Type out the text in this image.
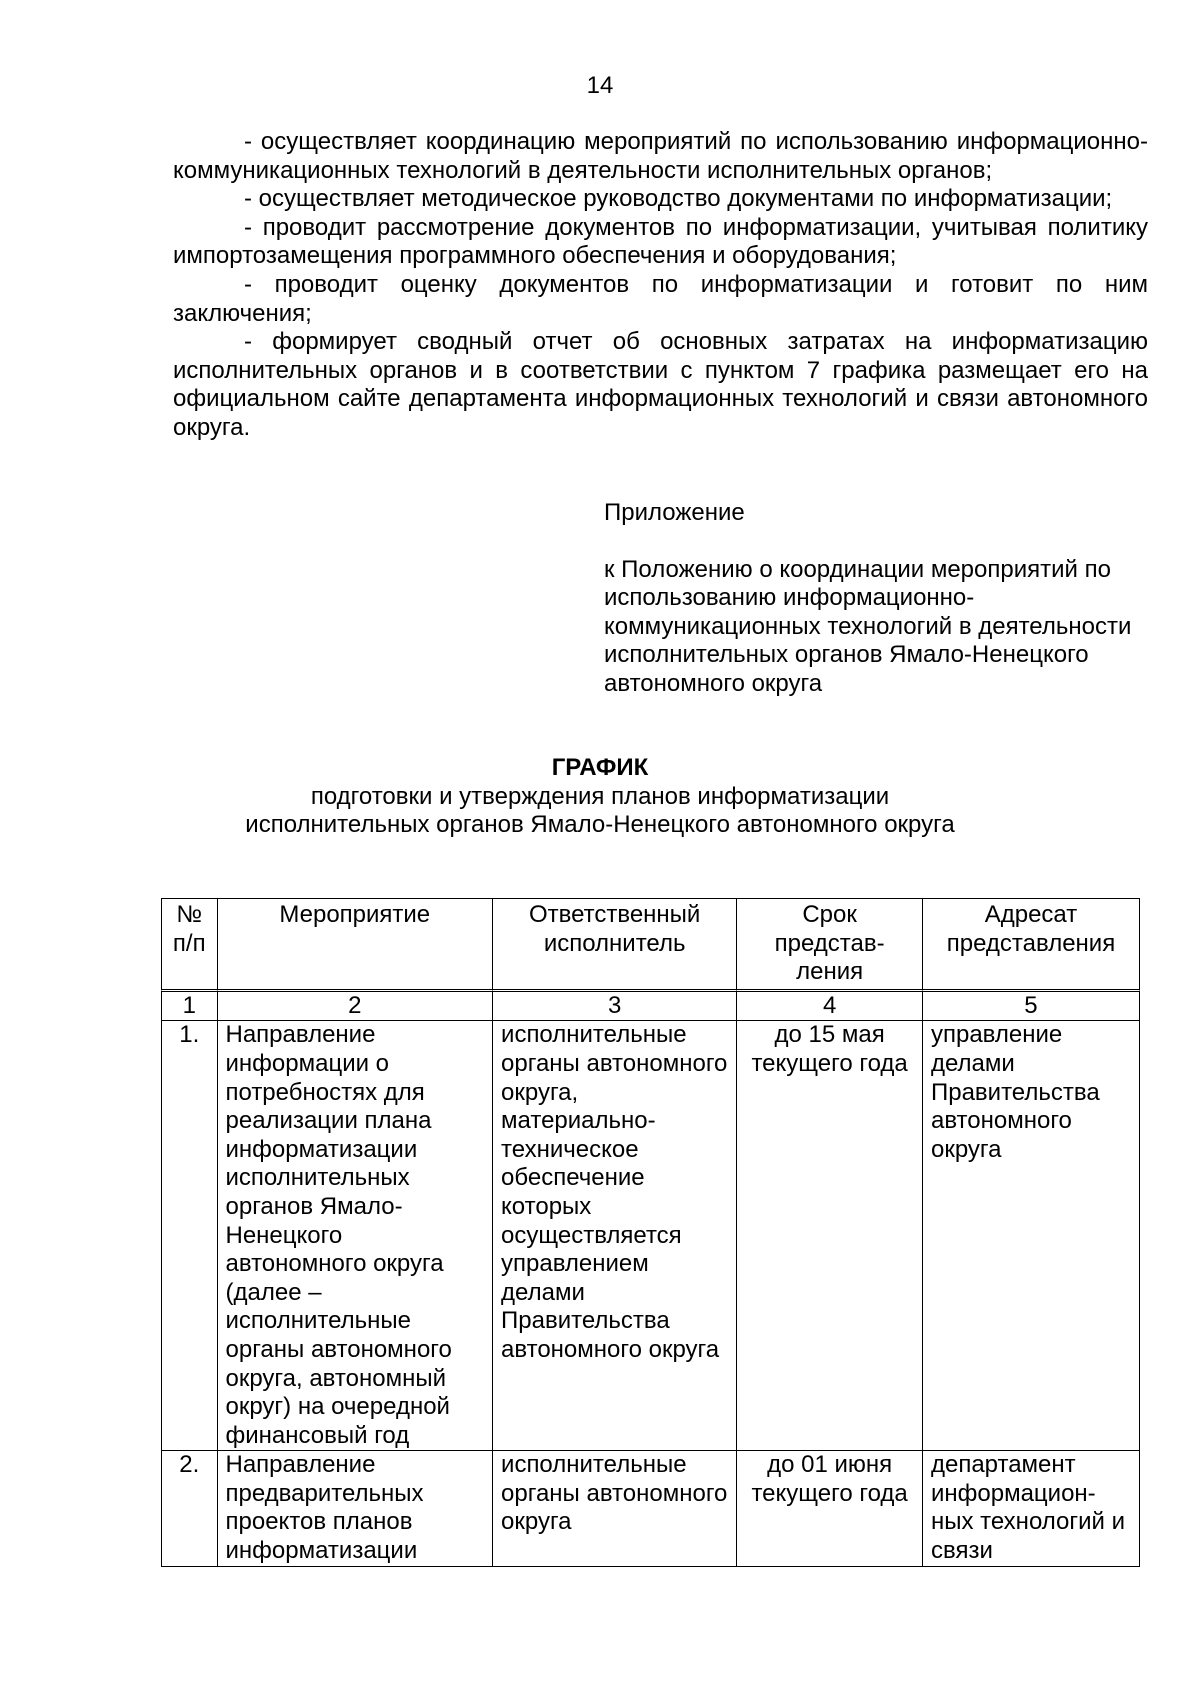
14

- осуществляет координацию мероприятий по использованию информационно-коммуникационных технологий в деятельности исполнительных органов;

- осуществляет методическое руководство документами по информатизации;

- проводит рассмотрение документов по информатизации, учитывая политику импортозамещения программного обеспечения и оборудования;

- проводит оценку документов по информатизации и готовит по ним заключения;

- формирует сводный отчет об основных затратах на информатизацию исполнительных органов и в соответствии с пунктом 7 графика размещает его на официальном сайте департамента информационных технологий и связи автономного округа.

Приложение

к Положению о координации мероприятий по использованию информационно-коммуникационных технологий в деятельности исполнительных органов Ямало-Ненецкого автономного округа

ГРАФИК
подготовки и утверждения планов информатизации
исполнительных органов Ямало-Ненецкого автономного округа
№ п/п	Мероприятие	Ответственный исполнитель	Срок представ-ления	Адресат представления
1	2	3	4	5
1.	Направление информации о потребностях для реализации плана информатизации исполнительных органов Ямало-Ненецкого автономного округа (далее – исполнительные органы автономного округа, автономный округ) на очередной финансовый год	исполнительные органы автономного округа, материально-техническое обеспечение которых осуществляется управлением делами Правительства автономного округа	до 15 мая текущего года	управление делами Правительства автономного округа
2.	Направление предварительных проектов планов информатизации	исполнительные органы автономного округа	до 01 июня текущего года	департамент информацион-ных технологий и связи
